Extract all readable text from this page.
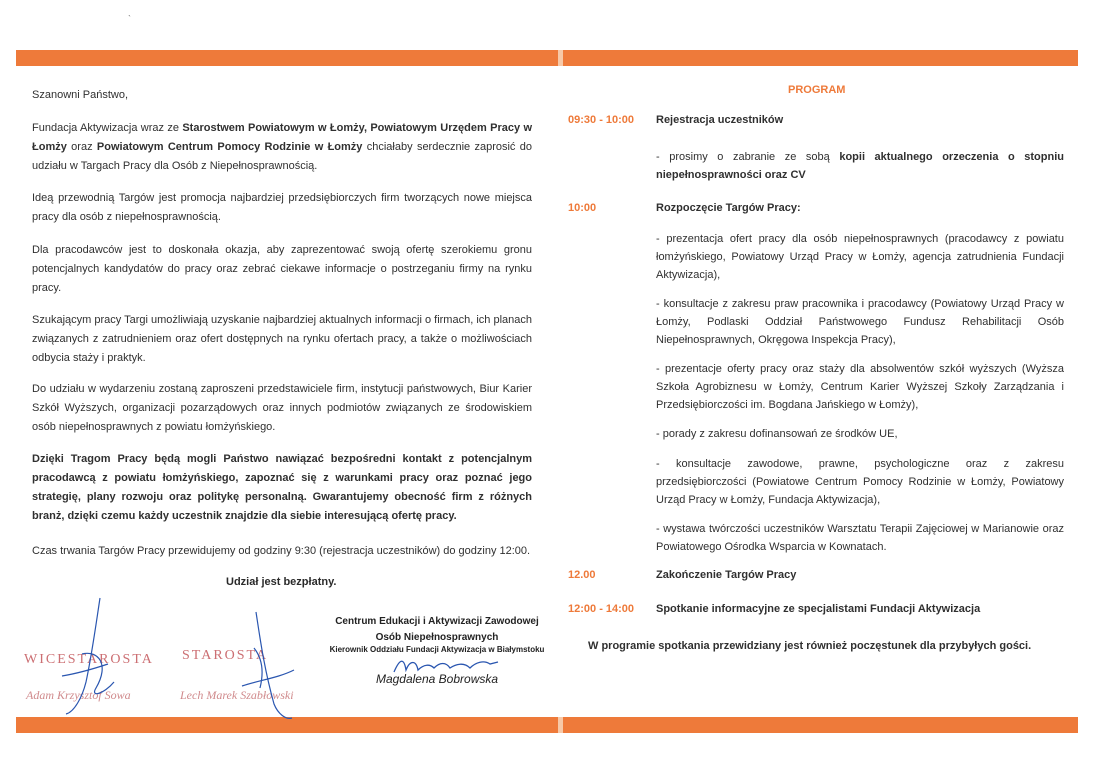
`

Szanowni Państwo,

Fundacja Aktywizacja wraz ze Starostwem Powiatowym w Łomży, Powiatowym Urzędem Pracy w Łomży oraz Powiatowym Centrum Pomocy Rodzinie w Łomży chciałaby serdecznie zaprosić do udziału w Targach Pracy dla Osób z Niepełnosprawnością.

Ideą przewodnią Targów jest promocja najbardziej przedsiębiorczych firm tworzących nowe miejsca pracy dla osób z niepełnosprawnością.

Dla pracodawców jest to doskonała okazja, aby zaprezentować swoją ofertę szerokiemu gronu potencjalnych kandydatów do pracy oraz zebrać ciekawe informacje o postrzeganiu firmy na rynku pracy.

Szukającym pracy Targi umożliwiają uzyskanie najbardziej aktualnych informacji o firmach, ich planach związanych z zatrudnieniem oraz ofert dostępnych na rynku ofertach pracy, a także o możliwościach odbycia staży i praktyk.

Do udziału w wydarzeniu zostaną zaproszeni przedstawiciele firm, instytucji państwowych, Biur Karier Szkół Wyższych, organizacji pozarządowych oraz innych podmiotów związanych ze środowiskiem osób niepełnosprawnych z powiatu łomżyńskiego.

Dzięki Tragom Pracy będą mogli Państwo nawiązać bezpośredni kontakt z potencjalnym pracodawcą z powiatu łomżyńskiego, zapoznać się z warunkami pracy oraz poznać jego strategię, plany rozwoju oraz politykę personalną. Gwarantujemy obecność firm z różnych branż, dzięki czemu każdy uczestnik znajdzie dla siebie interesującą ofertę pracy.

Czas trwania Targów Pracy przewidujemy od godziny 9:30 (rejestracja uczestników) do godziny 12:00.

Udział jest bezpłatny.
WICESTAROSTA
Adam Krzysztof Sowa
STAROSTA
Lech Marek Szabłowski
Centrum Edukacji i Aktywizacji Zawodowej
Osób Niepełnosprawnych
Kierownik Oddziału Fundacji Aktywizacja w Białymstoku
Magdalena Bobrowska
PROGRAM
09:30 - 10:00 Rejestracja uczestników
- prosimy o zabranie ze sobą kopii aktualnego orzeczenia o stopniu niepełnosprawności oraz CV
10:00	Rozpoczęcie Targów Pracy:
- prezentacja ofert pracy dla osób niepełnosprawnych (pracodawcy z powiatu łomżyńskiego, Powiatowy Urząd Pracy w Łomży, agencja zatrudnienia Fundacji Aktywizacja),
- konsultacje z zakresu praw pracownika i pracodawcy (Powiatowy Urząd Pracy w Łomży, Podlaski Oddział Państwowego Fundusz Rehabilitacji Osób Niepełnosprawnych, Okręgowa Inspekcja Pracy),
- prezentacje oferty pracy oraz staży dla absolwentów szkół wyższych (Wyższa Szkoła Agrobiznesu w Łomży, Centrum Karier Wyższej Szkoły Zarządzania i Przedsiębiorczości im. Bogdana Jańskiego w Łomży),
- porady z zakresu dofinansowań ze środków UE,
- konsultacje zawodowe, prawne, psychologiczne oraz z zakresu przedsiębiorczości (Powiatowe Centrum Pomocy Rodzinie w Łomży, Powiatowy Urząd Pracy w Łomży, Fundacja Aktywizacja),
- wystawa twórczości uczestników Warsztatu Terapii Zajęciowej w Marianowie oraz Powiatowego Ośrodka Wsparcia w Kownatach.
12.00	Zakończenie Targów Pracy
12:00 - 14:00 Spotkanie informacyjne ze specjalistami Fundacji Aktywizacja
W programie spotkania przewidziany jest również poczęstunek dla przybyłych gości.
